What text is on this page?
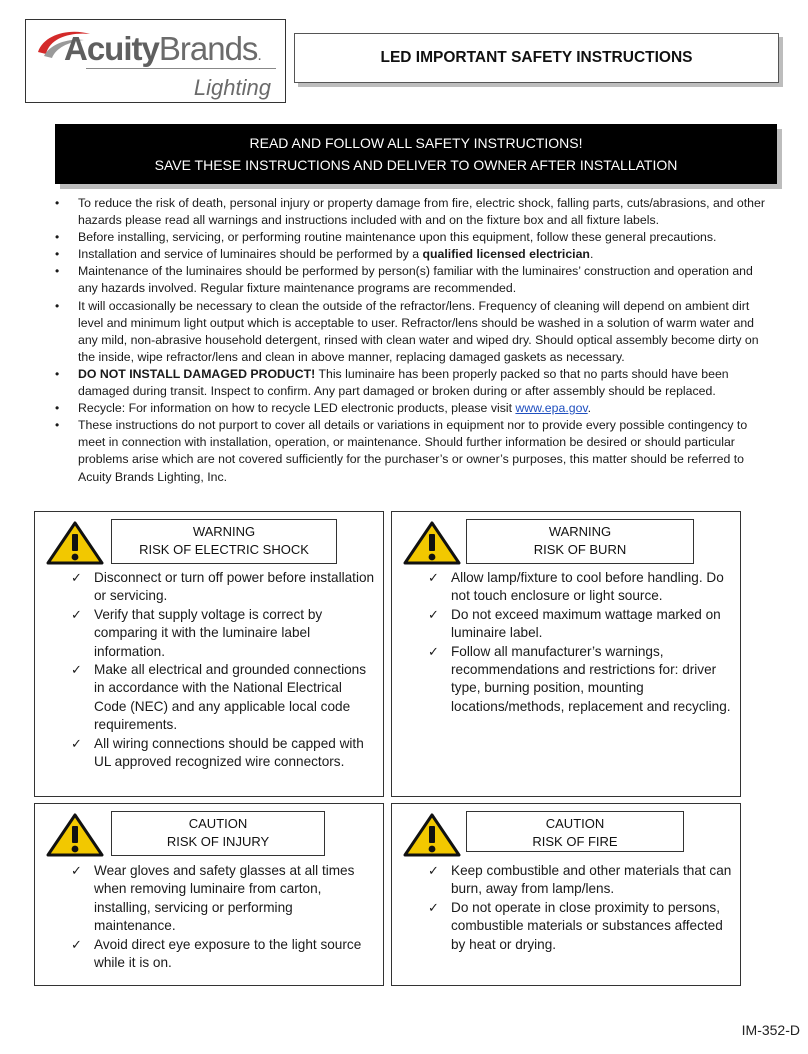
AcuityBrands.
Lighting
LED IMPORTANT SAFETY INSTRUCTIONS
READ AND FOLLOW ALL SAFETY INSTRUCTIONS!
SAVE THESE INSTRUCTIONS AND DELIVER TO OWNER AFTER INSTALLATION
• To reduce the risk of death, personal injury or property damage from fire, electric shock, falling parts, cuts/abrasions, and other hazards please read all warnings and instructions included with and on the fixture box and all fixture labels.
• Before installing, servicing, or performing routine maintenance upon this equipment, follow these general precautions.
• Installation and service of luminaires should be performed by a qualified licensed electrician.
• Maintenance of the luminaires should be performed by person(s) familiar with the luminaires’ construction and operation and any hazards involved. Regular fixture maintenance programs are recommended.
• It will occasionally be necessary to clean the outside of the refractor/lens. Frequency of cleaning will depend on ambient dirt level and minimum light output which is acceptable to user. Refractor/lens should be washed in a solution of warm water and any mild, non-abrasive household detergent, rinsed with clean water and wiped dry. Should optical assembly become dirty on the inside, wipe refractor/lens and clean in above manner, replacing damaged gaskets as necessary.
• DO NOT INSTALL DAMAGED PRODUCT! This luminaire has been properly packed so that no parts should have been damaged during transit. Inspect to confirm. Any part damaged or broken during or after assembly should be replaced.
• Recycle: For information on how to recycle LED electronic products, please visit www.epa.gov.
• These instructions do not purport to cover all details or variations in equipment nor to provide every possible contingency to meet in connection with installation, operation, or maintenance. Should further information be desired or should particular problems arise which are not covered sufficiently for the purchaser’s or owner’s purposes, this matter should be referred to Acuity Brands Lighting, Inc.
WARNING
RISK OF ELECTRIC SHOCK
✓ Disconnect or turn off power before installation or servicing.
✓ Verify that supply voltage is correct by comparing it with the luminaire label information.
✓ Make all electrical and grounded connections in accordance with the National Electrical Code (NEC) and any applicable local code requirements.
✓ All wiring connections should be capped with UL approved recognized wire connectors.
WARNING
RISK OF BURN
✓ Allow lamp/fixture to cool before handling. Do not touch enclosure or light source.
✓ Do not exceed maximum wattage marked on luminaire label.
✓ Follow all manufacturer’s warnings, recommendations and restrictions for: driver type, burning position, mounting locations/methods, replacement and recycling.
CAUTION
RISK OF INJURY
✓ Wear gloves and safety glasses at all times when removing luminaire from carton, installing, servicing or performing maintenance.
✓ Avoid direct eye exposure to the light source while it is on.
CAUTION
RISK OF FIRE
✓ Keep combustible and other materials that can burn, away from lamp/lens.
✓ Do not operate in close proximity to persons, combustible materials or substances affected by heat or drying.
IM-352-D
